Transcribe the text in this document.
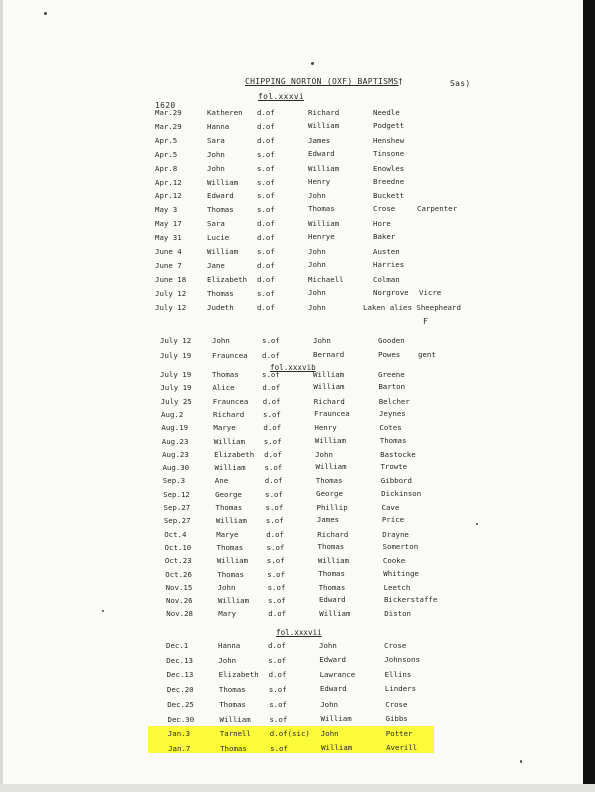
CHIPPING NORTON (OXF) BAPTISMS †	Sas)
fol.xxxvi
1620
F
fol.xxxvib
fol.xxxvii
Mar.29	Katheren d.of	Richard	Needle
Mar.29	Hanna	d.of	William	Podgett
Apr.5	Sara	d.of	James	Henshew
Apr.5	John	s.of	Edward	Tinsone
Apr.8	John	s.of	William	Enowles
Apr.12	William	s.of	Henry	Breedne
Apr.12	Edward	s.of	John	Buckett
May 3	Thomas	s.of	Thomas	Crose	Carpenter
May 17	Sara	d.of	William	Hore
May 31	Lucie	d.of	Henrye	Baker
June 4	William	s.of	John	Austen
June 7	Jane	d.of	John	Harries
June 18	Elizabeth d.of	Michaell	Colman
July 12	Thomas	s.of	John	Norgrove Vicre
July 12	Judeth	d.of	John	Laken alies Sheepheard
July 12	John	s.of	John	Gooden
July 19	Frauncea d.of	Bernard	Powes gent
July 19	Thomas	s.of	William	Greene
July 19	Alice	d.of	William	Barton
July 25	Frauncea d.of	Richard	Belcher
Aug.2	Richard	s.of	Frauncea	Jeynes
Aug.19	Marye	d.of	Henry	Cotes
Aug.23	William	s.of	William	Thomas
Aug.23	Elizabeth d.of	John	Bastocke
Aug.30	William	s.of	William	Trowte
Sep.3	Ane	d.of	Thomas	Gibbord
Sep.12	George	s.of	George	Dickinson
Sep.27	Thomas	s.of	Phillip	Cave
Sep.27	William	s.of	James	Price
Oct.4	Marye	d.of	Richard	Drayne
Oct.10	Thomas	s.of	Thomas	Somerton
Oct.23	William	s.of	William	Cooke
Oct.26	Thomas	s.of	Thomas	Whitinge
Nov.15	John	s.of	Thomas	Leetch
Nov.26	William	s.of	Edward	Bickerstaffe
Nov.28	Mary	d.of	William	Diston
Dec.1	Hanna	d.of	John	Crose
Dec.13	John	s.of	Edward	Johnsons
Dec.13	Elizabeth d.of	Lawrance	Ellins
Dec.20	Thomas	s.of	Edward	Linders
Dec.25	Thomas	s.of	John	Crose
Dec.30	William	s.of	William	Gibbs
Jan.3	Tarnell	d.of(sic) John	Potter
Jan.7	Thomas	s.of	William	Averill
